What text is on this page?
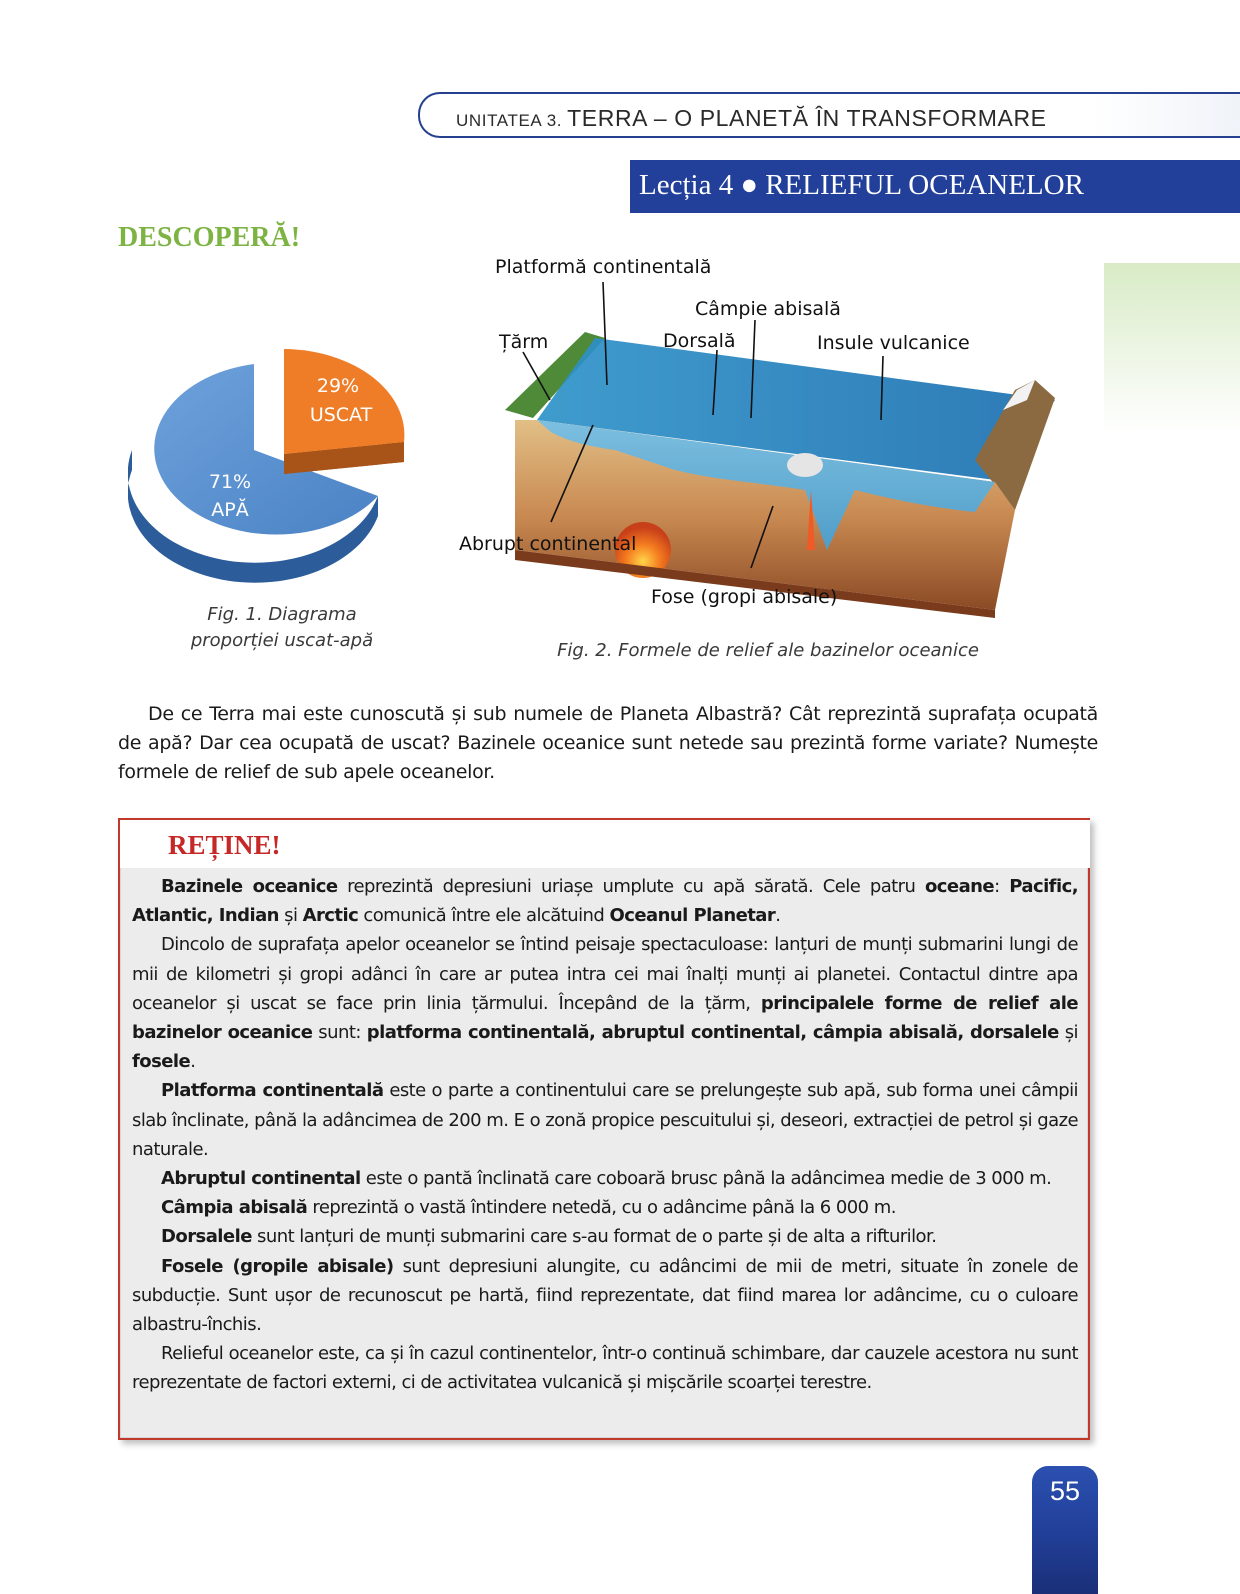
UNITATEA 3. TERRA – O PLANETĂ ÎN TRANSFORMARE
Lecția 4 ● RELIEFUL OCEANELOR
DESCOPERĂ!
29%
USCAT
71%
APĂ
Fig. 1. Diagrama
proporției uscat-apă
Platformă continentală
Câmpie abisală
Țărm	Dorsală	Insule vulcanice
Abrupt continental
Fose (gropi abisale)
Fig. 2. Formele de relief ale bazinelor oceanice

De ce Terra mai este cunoscută și sub numele de Planeta Albastră? Cât reprezintă suprafața ocupată de apă? Dar cea ocupată de uscat? Bazinele oceanice sunt netede sau prezintă forme variate? Numește formele de relief de sub apele oceanelor.

REȚINE!

Bazinele oceanice reprezintă depresiuni uriașe umplute cu apă sărată. Cele patru oceane: Pacific, Atlantic, Indian și Arctic comunică între ele alcătuind Oceanul Planetar.

Dincolo de suprafața apelor oceanelor se întind peisaje spectaculoase: lanțuri de munți submarini lungi de mii de kilometri și gropi adânci în care ar putea intra cei mai înalți munți ai planetei. Contactul dintre apa oceanelor și uscat se face prin linia țărmului. Începând de la țărm, principalele forme de relief ale bazinelor oceanice sunt: platforma continentală, abruptul continental, câmpia abisală, dorsalele și fosele.

Platforma continentală este o parte a continentului care se prelungește sub apă, sub forma unei câmpii slab înclinate, până la adâncimea de 200 m. E o zonă propice pescuitului și, deseori, extracției de petrol și gaze naturale.

Abruptul continental este o pantă înclinată care coboară brusc până la adâncimea medie de 3 000 m.

Câmpia abisală reprezintă o vastă întindere netedă, cu o adâncime până la 6 000 m.

Dorsalele sunt lanțuri de munți submarini care s-au format de o parte și de alta a rifturilor.

Fosele (gropile abisale) sunt depresiuni alungite, cu adâncimi de mii de metri, situate în zonele de subducție. Sunt ușor de recunoscut pe hartă, fiind reprezentate, dat fiind marea lor adâncime, cu o culoare albastru-închis.

Relieful oceanelor este, ca și în cazul continentelor, într-o continuă schimbare, dar cauzele acestora nu sunt reprezentate de factori externi, ci de activitatea vulcanică și mișcările scoarței terestre.

55
